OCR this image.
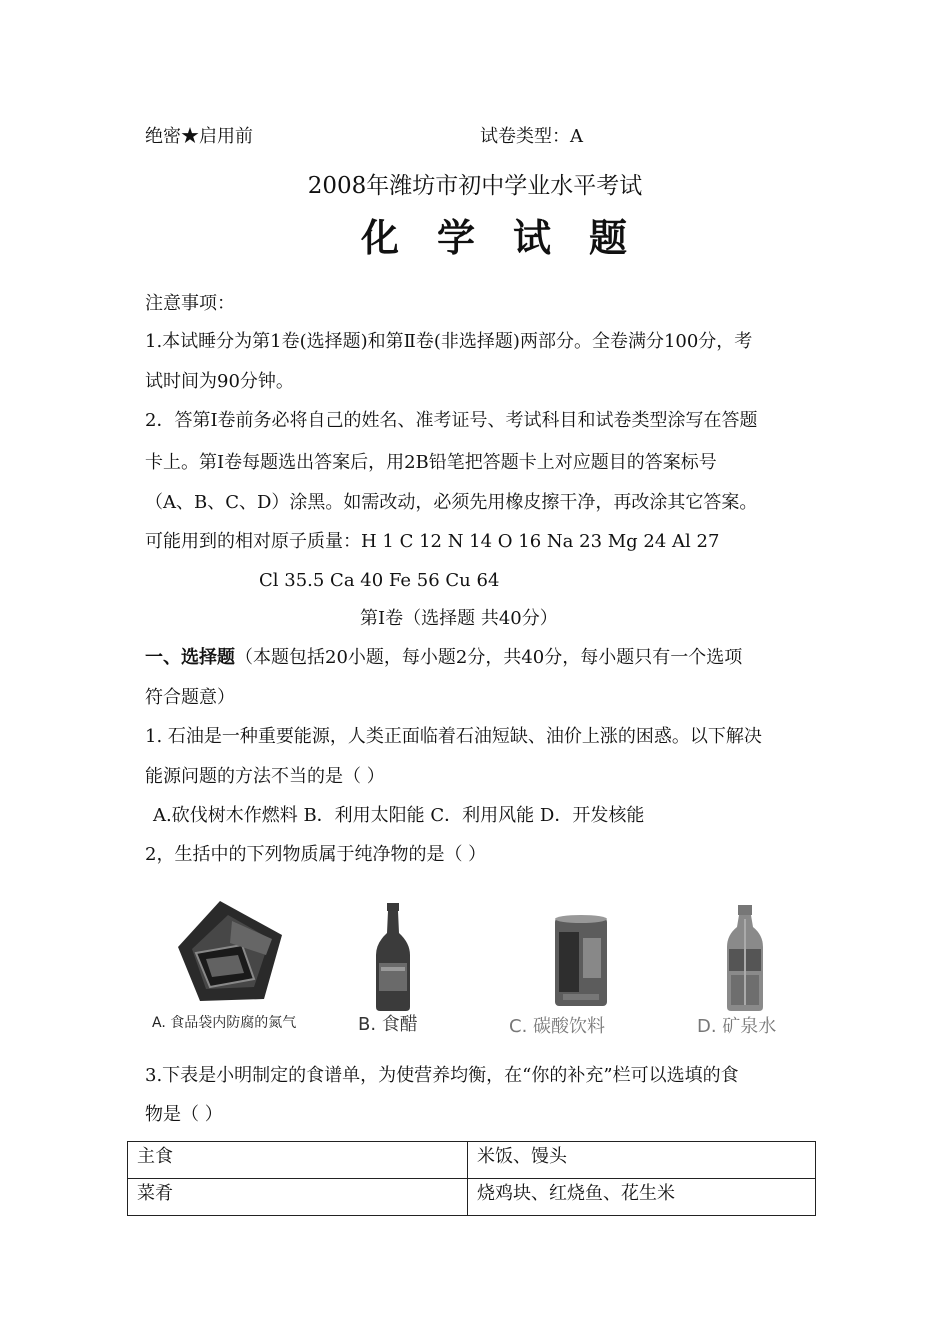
绝密★启用前	试卷类型：A
2008年潍坊市初中学业水平考试
化学试题
注意事项：
1.本试睡分为第1卷(选择题)和第Ⅱ卷(非选择题)两部分。全卷满分100分，考
试时间为90分钟。
2．答第Ⅰ卷前务必将自己的姓名、准考证号、考试科目和试卷类型涂写在答题
卡上。第Ⅰ卷每题选出答案后，用2B铅笔把答题卡上对应题目的答案标号
（A、B、C、D）涂黑。如需改动，必须先用橡皮擦干净，再改涂其它答案。
可能用到的相对原子质量：H 1 C 12 N 14 O 16 Na 23 Mg 24 Al 27
Cl 35.5 Ca 40 Fe 56 Cu 64
第Ⅰ卷（选择题 共40分）
一、选择题（本题包括20小题，每小题2分，共40分，每小题只有一个选项
符合题意）
1. 石油是一种重要能源，人类正面临着石油短缺、油价上涨的困惑。以下解决
能源问题的方法不当的是（ ）
A.砍伐树木作燃料 B．利用太阳能 C．利用风能 D．开发核能
2，生括中的下列物质属于纯净物的是（ ）
A. 食品袋内防腐的氮气	B. 食醋	C. 碳酸饮料	D. 矿泉水
3.下表是小明制定的食谱单，为使营养均衡，在“你的补充”栏可以选填的食
物是（ ）
主食	米饭、馒头
菜肴	烧鸡块、红烧鱼、花生米
